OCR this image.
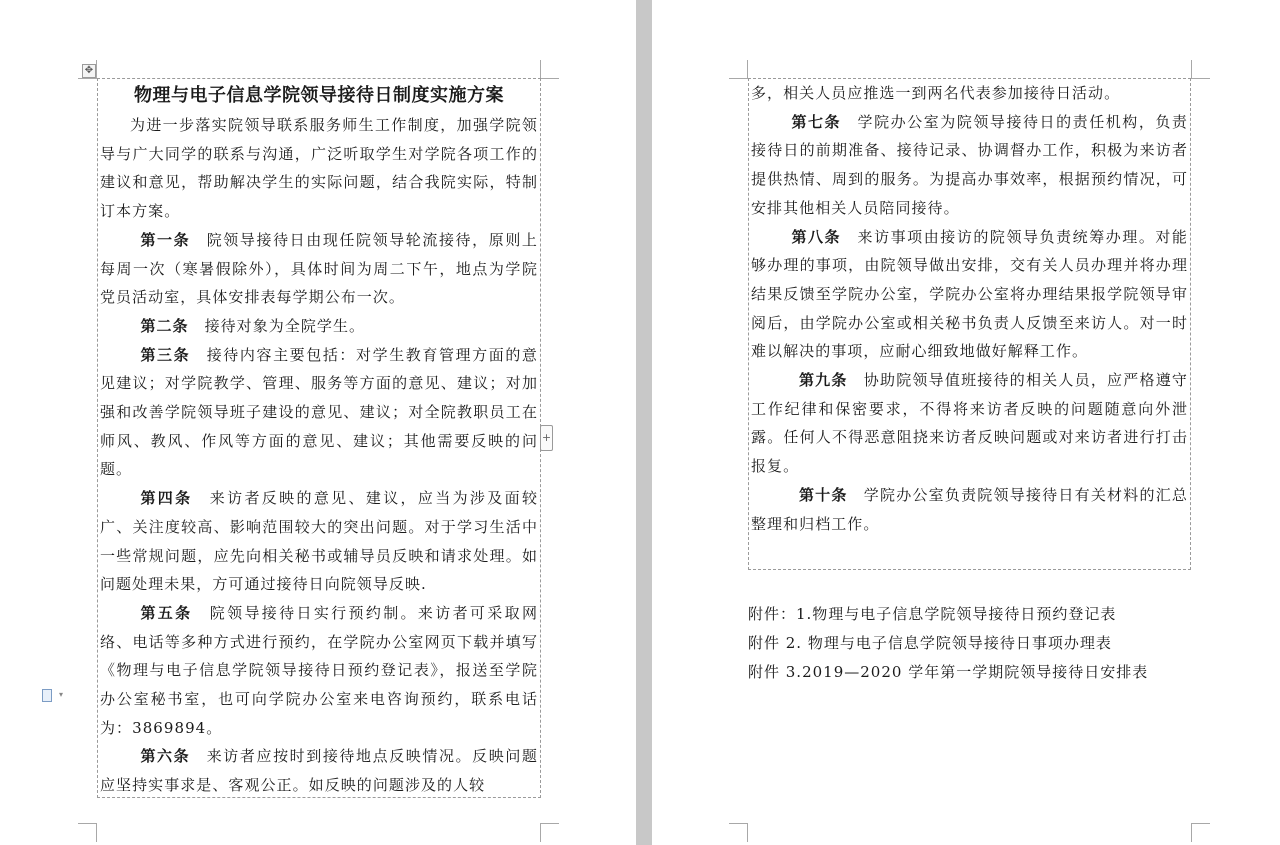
✥

物理与电子信息学院领导接待日制度实施方案

为进一步落实院领导联系服务师生工作制度，加强学院领导与广大同学的联系与沟通，广泛听取学生对学院各项工作的建议和意见，帮助解决学生的实际问题，结合我院实际，特制订本方案。

第一条　 院领导接待日由现任院领导轮流接待，原则上每周一次（寒暑假除外），具体时间为周二下午，地点为学院党员活动室，具体安排表每学期公布一次。

第二条　 接待对象为全院学生。

第三条　 接待内容主要包括：对学生教育管理方面的意见建议；对学院教学、管理、服务等方面的意见、建议；对加强和改善学院领导班子建设的意见、建议；对全院教职员工在师风、教风、作风等方面的意见、建议；其他需要反映的问题。

第四条　 来访者反映的意见、建议，应当为涉及面较广、关注度较高、影响范围较大的突出问题。对于学习生活中一些常规问题，应先向相关秘书或辅导员反映和请求处理。如问题处理未果，方可通过接待日向院领导反映.

第五条　 院领导接待日实行预约制。来访者可采取网络、电话等多种方式进行预约，在学院办公室网页下载并填写《物理与电子信息学院领导接待日预约登记表》，报送至学院办公室秘书室，也可向学院办公室来电咨询预约，联系电话为：3869894。

第六条　 来访者应按时到接待地点反映情况。反映问题应坚持实事求是、客观公正。如反映的问题涉及的人较

+
▾

多，相关人员应推选一到两名代表参加接待日活动。

第七条　 学院办公室为院领导接待日的责任机构，负责接待日的前期准备、接待记录、协调督办工作，积极为来访者提供热情、周到的服务。为提高办事效率，根据预约情况，可安排其他相关人员陪同接待。

第八条　 来访事项由接访的院领导负责统筹办理。对能够办理的事项，由院领导做出安排，交有关人员办理并将办理结果反馈至学院办公室，学院办公室将办理结果报学院领导审阅后，由学院办公室或相关秘书负责人反馈至来访人。对一时难以解决的事项，应耐心细致地做好解释工作。

第九条　 协助院领导值班接待的相关人员，应严格遵守工作纪律和保密要求，不得将来访者反映的问题随意向外泄露。任何人不得恶意阻挠来访者反映问题或对来访者进行打击报复。

第十条　 学院办公室负责院领导接待日有关材料的汇总整理和归档工作。

附件：1.物理与电子信息学院领导接待日预约登记表
附件 2. 物理与电子信息学院领导接待日事项办理表
附件 3.2019—2020 学年第一学期院领导接待日安排表
